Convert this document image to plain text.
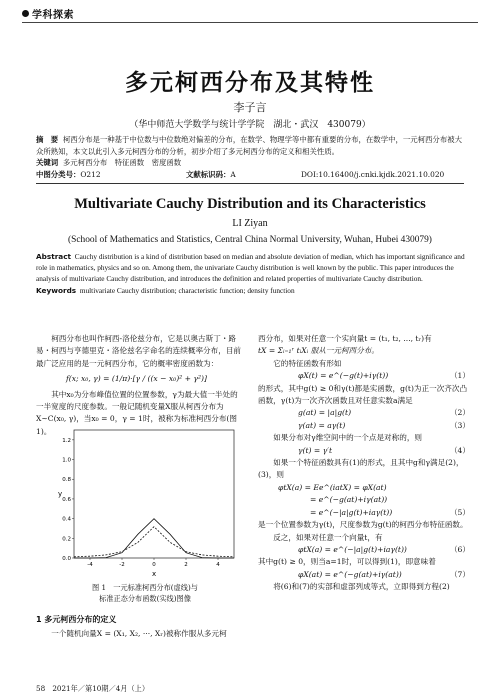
学科探索
多元柯西分布及其特性
李子言
（华中师范大学数学与统计学学院　湖北・武汉　430079）
摘　要 柯西分布是一种基于中位数与中位数绝对偏差的分布，在数学、物理学等中都有重要的分布，在数学中，一元柯西分布被大众所熟知，本文以此引入多元柯西分布的分析，初步介绍了多元柯西分布的定义和相关性质。
关键词 多元柯西分布　特征函数　密度函数
中图分类号：O212	文献标识码：A	DOI:10.16400/j.cnki.kjdk.2021.10.020
Multivariate Cauchy Distribution and its Characteristics
LI Ziyan
(School of Mathematics and Statistics, Central China Normal University, Wuhan, Hubei 430079)
Abstract Cauchy distribution is a kind of distribution based on median and absolute deviation of median, which has important significance and role in mathematics, physics and so on. Among them, the univariate Cauchy distribution is well known by the public. This paper introduces the analysis of multivariate Cauchy distribution, and introduces the definition and related properties of multivariate Cauchy distribution.
Keywords multivariate Cauchy distribution; characteristic function; density function
柯西分布也叫作柯西-洛伦兹分布，它是以奥古斯丁・路易・柯西与亨德里克・洛伦兹名字命名的连续概率分布，目前最广泛应用的是一元柯西分布，它的概率密度函数为：
f(x; x₀, γ) = (1/π)·[γ / ((x − x₀)² + γ²)]
其中x₀为分布峰值位置的位置参数，γ为最大值一半处的一半宽度的尺度参数。一般记随机变量X服从柯西分布为X~C(x₀, γ)，当x₀ = 0，γ = 1时，被称为标准柯西分布(图1)。
0.0
0.2
0.4
0.6
0.8
1.0
1.2
-4	-2	0	2	4
y
x
图 1　一元标准柯西分布(虚线)与
标准正态分布函数(实线)图像
1 多元柯西分布的定义
一个随机向量X = (X₁, X₂, ···, Xᵣ)被称作服从多元柯
西分布，如果对任意一个实向量t = (t₁, t₂, ..., tᵣ)有
tX = Σᵢ₌₁ʳ tᵢXᵢ 服从一元柯西分布。
它的特征函数有形如
φX(t) = e^(−g(t)+iγ(t))	（1）
的形式，其中g(t) ≥ 0和γ(t)都是实函数，g(t)为正一次齐次凸函数，γ(t)为一次齐次函数且对任意实数a满足
g(at) = |a|g(t)	（2）
γ(at) = aγ(t)	（3）
如果分布对γ维空间中的一个点是对称的，则
γ(t) = γ′t	（4）
如果一个特征函数具有(1)的形式，且其中g和γ满足(2)，(3)，则
φtX(a) = Ee^(iatX) = φX(at)
= e^(−g(at)+iγ(at))
= e^(−|a|g(t)+iaγ(t))	（5）
是一个位置参数为γ(t)，尺度参数为g(t)的柯西分布特征函数。
反之，如果对任意一个向量t，有
φtX(a) = e^(−|a|g(t)+iaγ(t))	（6）
其中g(t) ≥ 0，则当a=1时，可以得到(1)，即意味着
φX(at) = e^(−g(at)+iγ(at))	（7）
将(6)和(7)的实部和虚部列成等式，立即得到方程(2)
58　2021年／第10期／4月（上）
